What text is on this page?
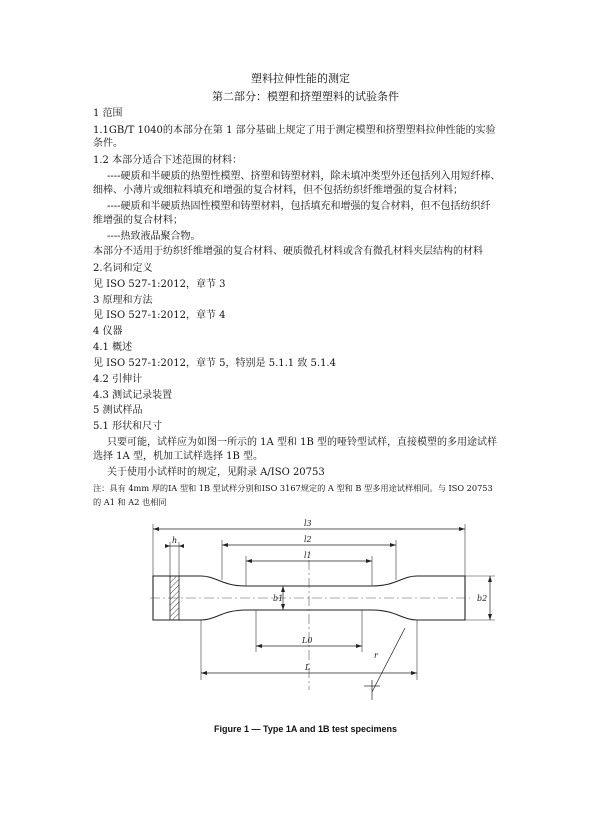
塑料拉伸性能的测定
第二部分：模塑和挤塑塑料的试验条件
1 范围
1.1GB/T 1040的本部分在第 1 部分基础上规定了用于测定模塑和挤塑塑料拉伸性能的实验
条件。
1.2 本部分适合下述范围的材料：
----硬质和半硬质的热塑性模塑、挤塑和铸塑材料，除未填冲类型外还包括列入用短纤棒、
细棒、小薄片或细粒料填充和增强的复合材料，但不包括纺织纤维增强的复合材料；
----硬质和半硬质热固性模塑和铸塑材料，包括填充和增强的复合材料，但不包括纺织纤
维增强的复合材料；
----热致液晶聚合物。
本部分不适用于纺织纤维增强的复合材料、硬质微孔材料或含有微孔材料夹层结构的材料
2.名词和定义
见 ISO 527-1:2012，章节 3
3 原理和方法
见 ISO 527-1:2012，章节 4
4 仪器
4.1 概述
见 ISO 527-1:2012，章节 5，特别是 5.1.1 致 5.1.4
4.2 引伸计
4.3 测试记录装置
5 测试样品
5.1 形状和尺寸
只要可能，试样应为如图一所示的 1A 型和 1B 型的哑铃型试样，直接模塑的多用途试样
选择 1A 型，机加工试样选择 1B 型。
关于使用小试样时的规定，见附录 A/ISO 20753
注：具有 4mm 厚的IA 型和 1B 型试样分别和ISO 3167规定的 A 型和 B 型多用途试样相同。与 ISO 20753
的 A1 和 A2 也相同
l3
l2
l1
L0
L
h
b1	b2
r
Figure 1 — Type 1A and 1B test specimens
